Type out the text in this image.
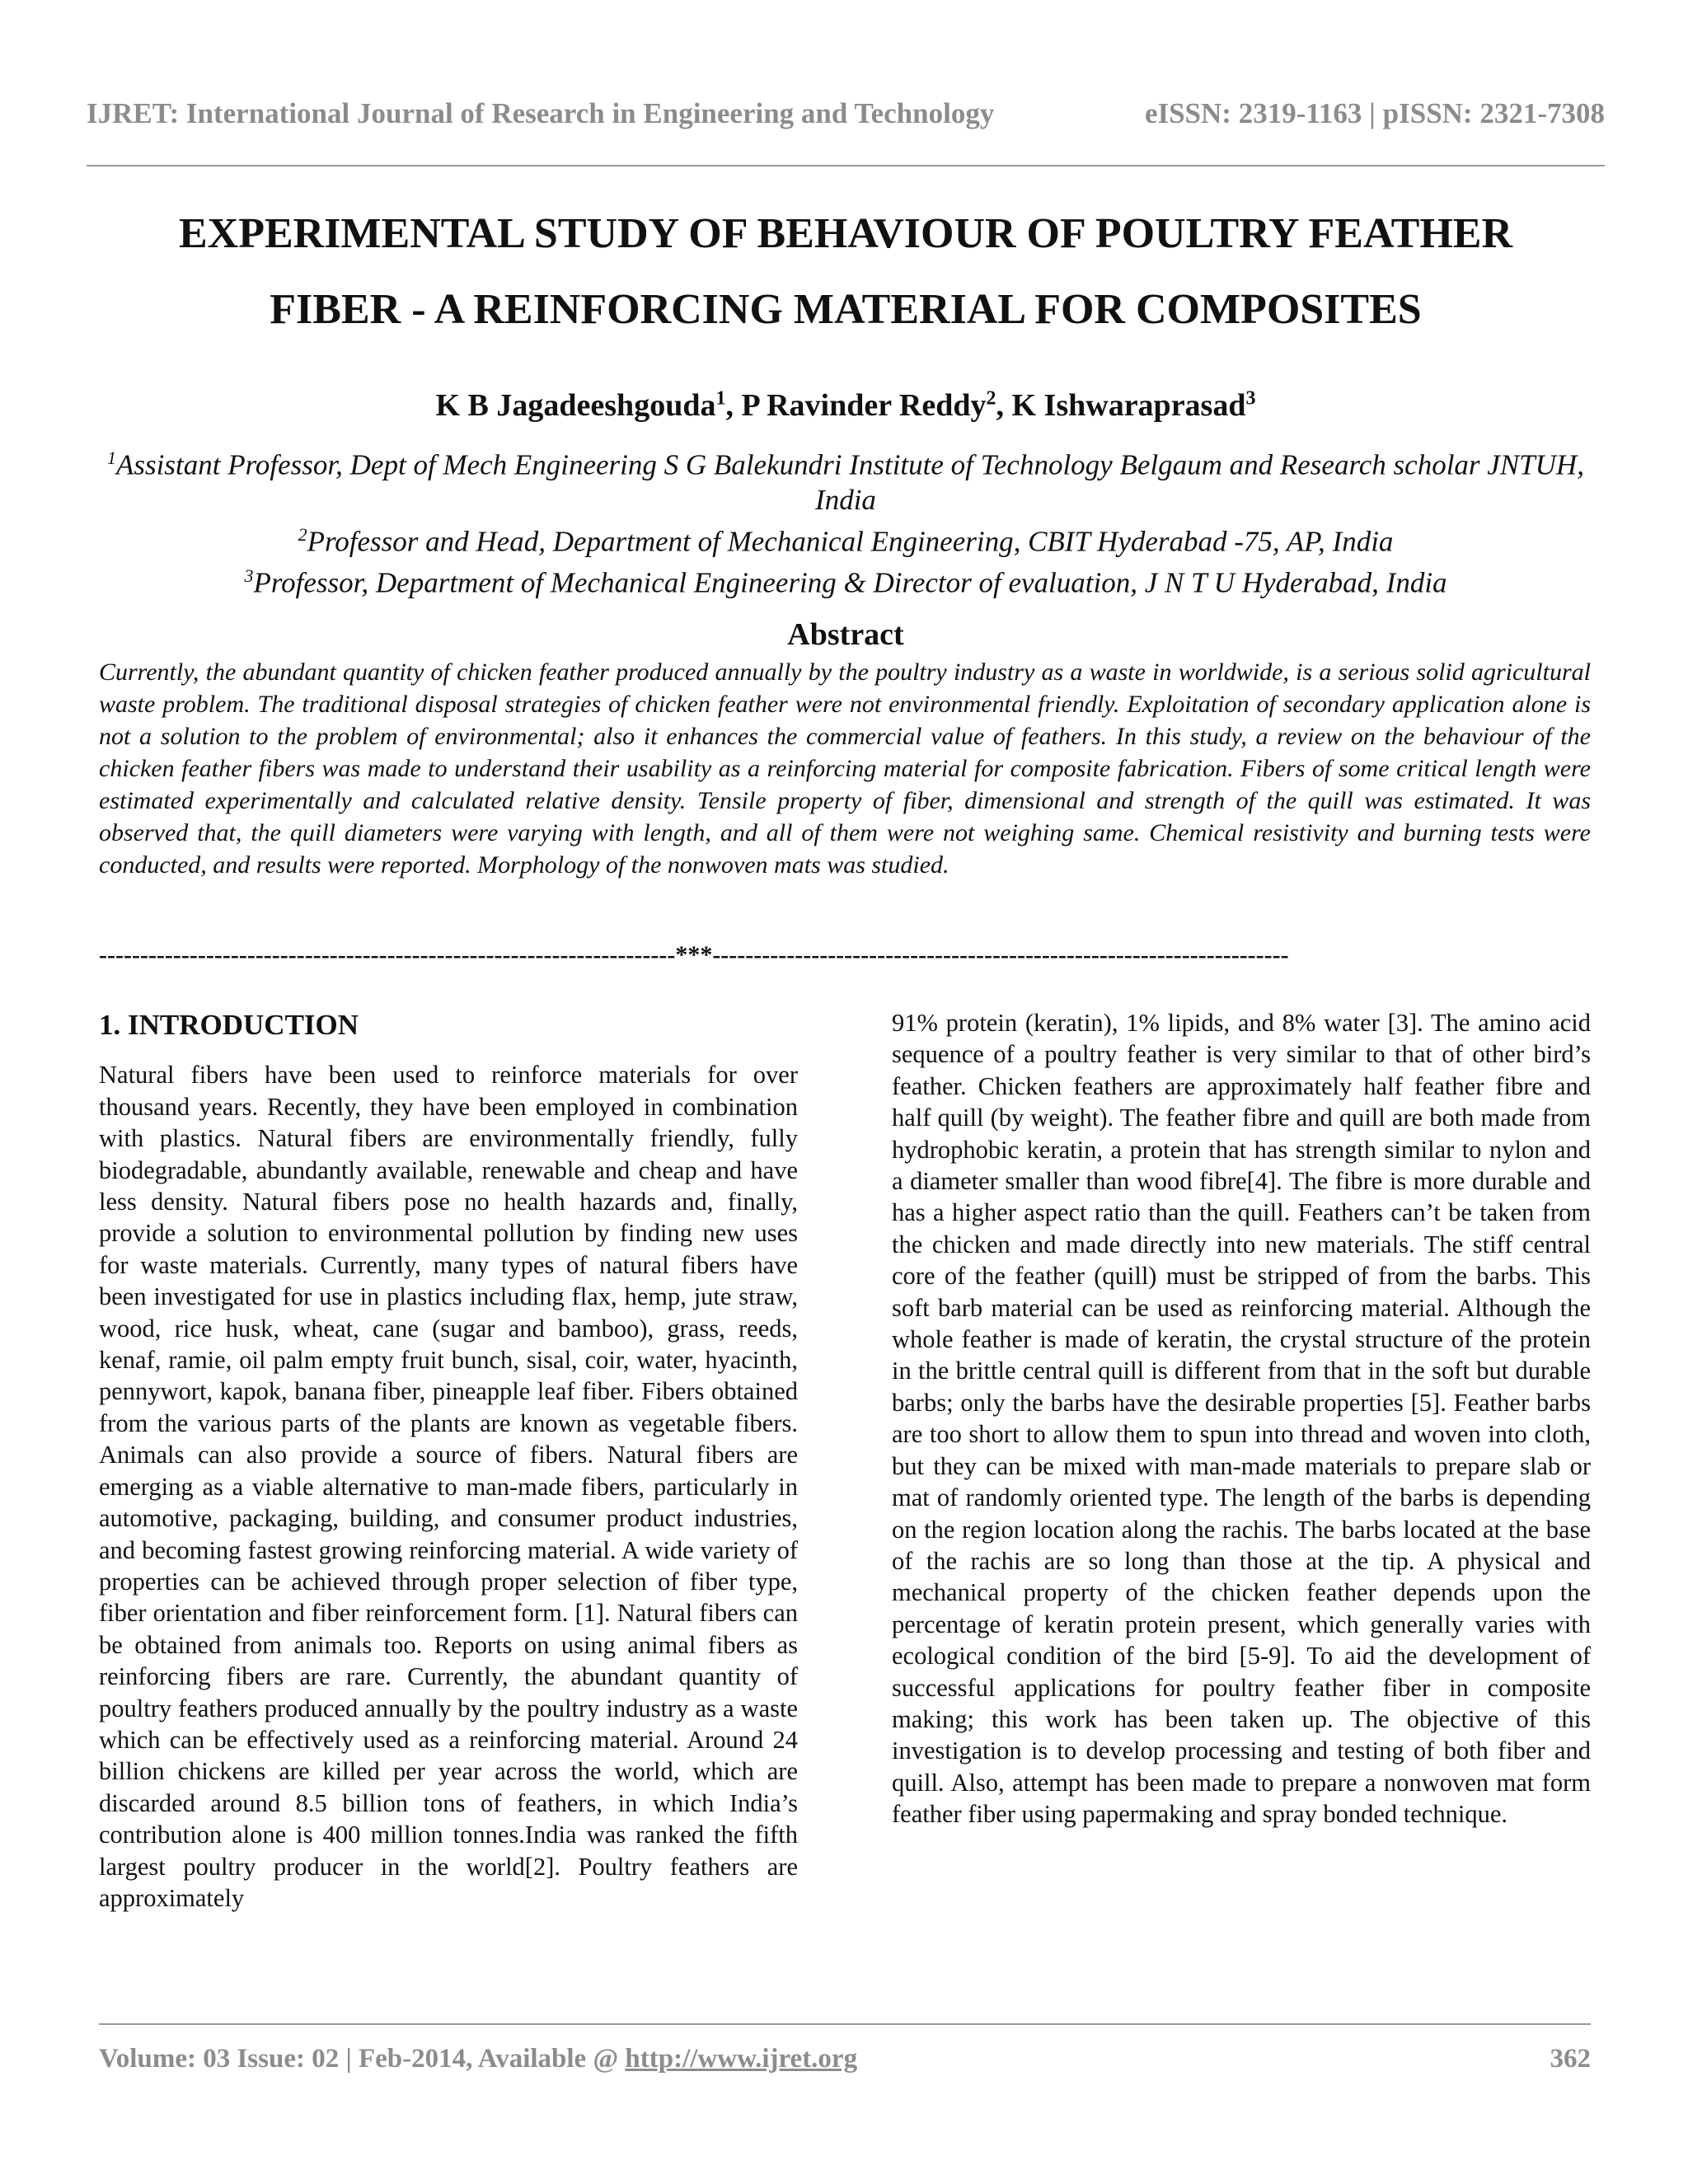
IJRET: International Journal of Research in Engineering and Technology	eISSN: 2319-1163 | pISSN: 2321-7308
EXPERIMENTAL STUDY OF BEHAVIOUR OF POULTRY FEATHER
FIBER - A REINFORCING MATERIAL FOR COMPOSITES
K B Jagadeeshgouda$^1$, P Ravinder Reddy$^2$, K Ishwaraprasad$^3$
$^1$Assistant Professor, Dept of Mech Engineering S G Balekundri Institute of Technology Belgaum and Research scholar JNTUH, India
$^2$Professor and Head, Department of Mechanical Engineering, CBIT Hyderabad -75, AP, India
$^3$Professor, Department of Mechanical Engineering & Director of evaluation, J N T U Hyderabad, India
Abstract
Currently, the abundant quantity of chicken feather produced annually by the poultry industry as a waste in worldwide, is a serious solid agricultural waste problem. The traditional disposal strategies of chicken feather were not environmental friendly. Exploitation of secondary application alone is not a solution to the problem of environmental; also it enhances the commercial value of feathers. In this study, a review on the behaviour of the chicken feather fibers was made to understand their usability as a reinforcing material for composite fabrication. Fibers of some critical length were estimated experimentally and calculated relative density. Tensile property of fiber, dimensional and strength of the quill was estimated. It was observed that, the quill diameters were varying with length, and all of them were not weighing same. Chemical resistivity and burning tests were conducted, and results were reported. Morphology of the nonwoven mats was studied.
----------------------------------------------------------------------***----------------------------------------------------------------------
1. INTRODUCTION

Natural fibers have been used to reinforce materials for over thousand years. Recently, they have been employed in combination with plastics. Natural fibers are environmentally friendly, fully biodegradable, abundantly available, renewable and cheap and have less density. Natural fibers pose no health hazards and, finally, provide a solution to environmental pollution by finding new uses for waste materials. Currently, many types of natural fibers have been investigated for use in plastics including flax, hemp, jute straw, wood, rice husk, wheat, cane (sugar and bamboo), grass, reeds, kenaf, ramie, oil palm empty fruit bunch, sisal, coir, water, hyacinth, pennywort, kapok, banana fiber, pineapple leaf fiber. Fibers obtained from the various parts of the plants are known as vegetable fibers. Animals can also provide a source of fibers. Natural fibers are emerging as a viable alternative to man-made fibers, particularly in automotive, packaging, building, and consumer product industries, and becoming fastest growing reinforcing material. A wide variety of properties can be achieved through proper selection of fiber type, fiber orientation and fiber reinforcement form. [1]. Natural fibers can be obtained from animals too. Reports on using animal fibers as reinforcing fibers are rare. Currently, the abundant quantity of poultry feathers produced annually by the poultry industry as a waste which can be effectively used as a reinforcing material. Around 24 billion chickens are killed per year across the world, which are discarded around 8.5 billion tons of feathers, in which India’s contribution alone is 400 million tonnes.India was ranked the fifth largest poultry producer in the world[2]. Poultry feathers are approximately

91% protein (keratin), 1% lipids, and 8% water [3]. The amino acid sequence of a poultry feather is very similar to that of other bird’s feather. Chicken feathers are approximately half feather fibre and half quill (by weight). The feather fibre and quill are both made from hydrophobic keratin, a protein that has strength similar to nylon and a diameter smaller than wood fibre[4]. The fibre is more durable and has a higher aspect ratio than the quill. Feathers can’t be taken from the chicken and made directly into new materials. The stiff central core of the feather (quill) must be stripped of from the barbs. This soft barb material can be used as reinforcing material. Although the whole feather is made of keratin, the crystal structure of the protein in the brittle central quill is different from that in the soft but durable barbs; only the barbs have the desirable properties [5]. Feather barbs are too short to allow them to spun into thread and woven into cloth, but they can be mixed with man-made materials to prepare slab or mat of randomly oriented type. The length of the barbs is depending on the region location along the rachis. The barbs located at the base of the rachis are so long than those at the tip. A physical and mechanical property of the chicken feather depends upon the percentage of keratin protein present, which generally varies with ecological condition of the bird [5-9]. To aid the development of successful applications for poultry feather fiber in composite making; this work has been taken up. The objective of this investigation is to develop processing and testing of both fiber and quill. Also, attempt has been made to prepare a nonwoven mat form feather fiber using papermaking and spray bonded technique.

Volume: 03 Issue: 02 | Feb-2014, Available @ http://www.ijret.org	362
